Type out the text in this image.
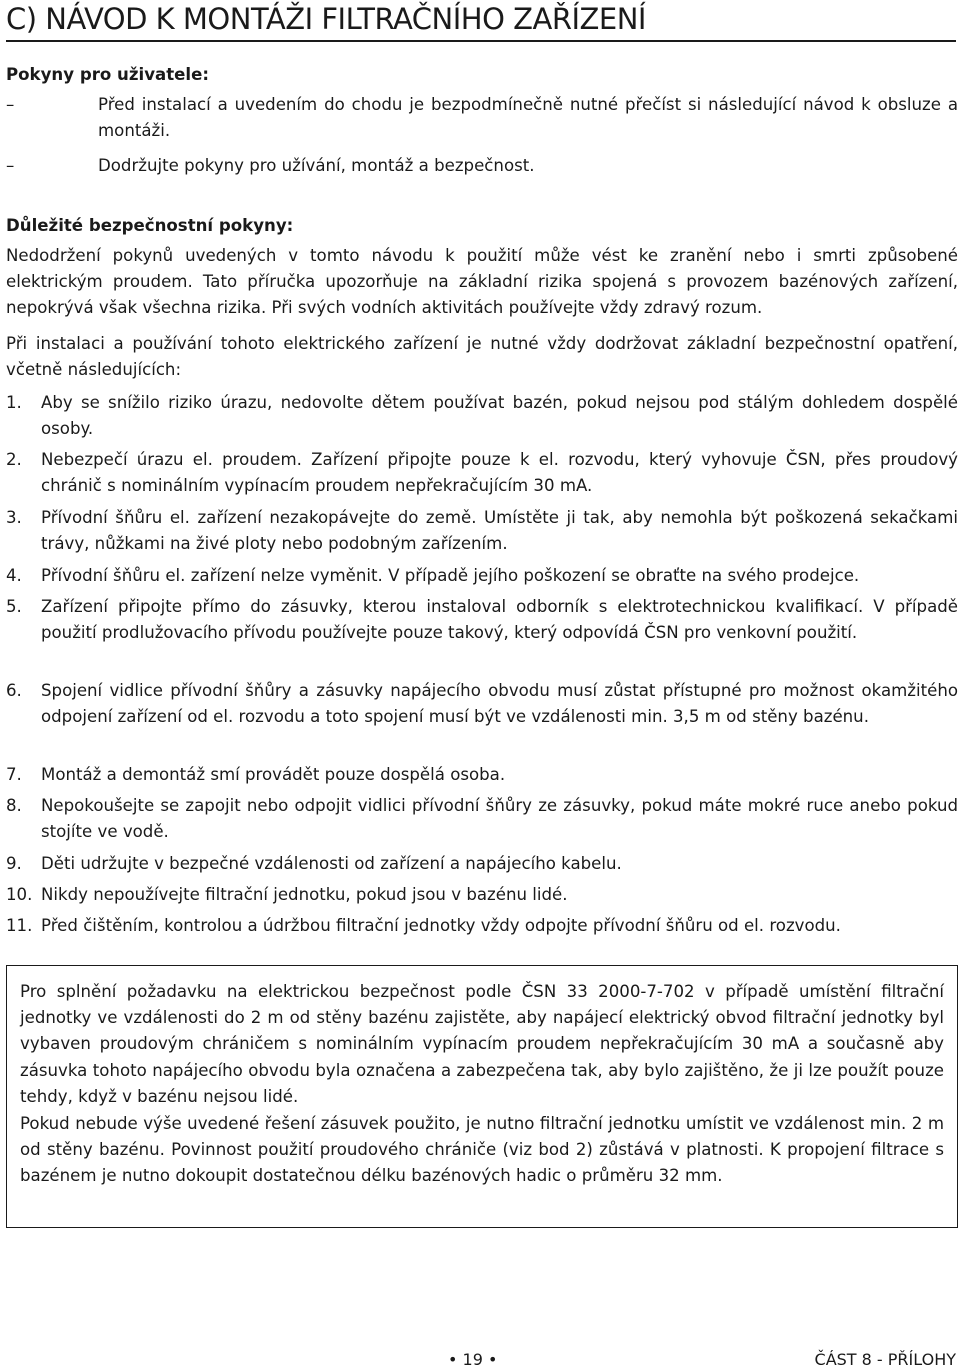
C) NÁVOD K MONTÁŽI FILTRAČNÍHO ZAŘÍZENÍ
Pokyny pro uživatele:
–	Před instalací a uvedením do chodu je bezpodmínečně nutné přečíst si následující návod k obsluze a montáži.
–	Dodržujte pokyny pro užívání, montáž a bezpečnost.
Důležité bezpečnostní pokyny:
Nedodržení pokynů uvedených v tomto návodu k použití může vést ke zranění nebo i smrti způsobené elektrickým proudem. Tato příručka upozorňuje na základní rizika spojená s provozem bazénových zařízení, nepokrývá však všechna rizika. Při svých vodních aktivitách používejte vždy zdravý rozum.
Při instalaci a používání tohoto elektrického zařízení je nutné vždy dodržovat základní bezpečnostní opatření, včetně následujících:
1. Aby se snížilo riziko úrazu, nedovolte dětem používat bazén, pokud nejsou pod stálým dohledem dospělé osoby.
2. Nebezpečí úrazu el. proudem. Zařízení připojte pouze k el. rozvodu, který vyhovuje ČSN, přes proudový chránič s nominálním vypínacím proudem nepřekračujícím 30 mA.
3. Přívodní šňůru el. zařízení nezakopávejte do země. Umístěte ji tak, aby nemohla být poškozená sekačkami trávy, nůžkami na živé ploty nebo podobným zařízením.
4. Přívodní šňůru el. zařízení nelze vyměnit. V případě jejího poškození se obraťte na svého prodejce.
5. Zařízení připojte přímo do zásuvky, kterou instaloval odborník s elektrotechnickou kvalifikací. V případě použití prodlužovacího přívodu používejte pouze takový, který odpovídá ČSN pro venkovní použití.
6. Spojení vidlice přívodní šňůry a zásuvky napájecího obvodu musí zůstat přístupné pro možnost okamžitého odpojení zařízení od el. rozvodu a toto spojení musí být ve vzdálenosti min. 3,5 m od stěny bazénu.
7. Montáž a demontáž smí provádět pouze dospělá osoba.
8. Nepokoušejte se zapojit nebo odpojit vidlici přívodní šňůry ze zásuvky, pokud máte mokré ruce anebo pokud stojíte ve vodě.
9. Děti udržujte v bezpečné vzdálenosti od zařízení a napájecího kabelu.
10. Nikdy nepoužívejte filtrační jednotku, pokud jsou v bazénu lidé.
11. Před čištěním, kontrolou a údržbou filtrační jednotky vždy odpojte přívodní šňůru od el. rozvodu.
Pro splnění požadavku na elektrickou bezpečnost podle ČSN 33 2000-7-702 v případě umístění filtrační jednotky ve vzdálenosti do 2 m od stěny bazénu zajistěte, aby napájecí elektrický obvod filtrační jednotky byl vybaven proudovým chráničem s nominálním vypínacím proudem nepřekračujícím 30 mA a současně aby zásuvka tohoto napájecího obvodu byla označena a zabezpečena tak, aby bylo zajištěno, že ji lze použít pouze tehdy, když v bazénu nejsou lidé.
Pokud nebude výše uvedené řešení zásuvek použito, je nutno filtrační jednotku umístit ve vzdálenost min. 2 m od stěny bazénu. Povinnost použití proudového chrániče (viz bod 2) zůstává v platnosti. K propojení filtrace s bazénem je nutno dokoupit dostatečnou délku bazénových hadic o průměru 32 mm.
• 19 •	ČÁST 8 - PŘÍLOHY
